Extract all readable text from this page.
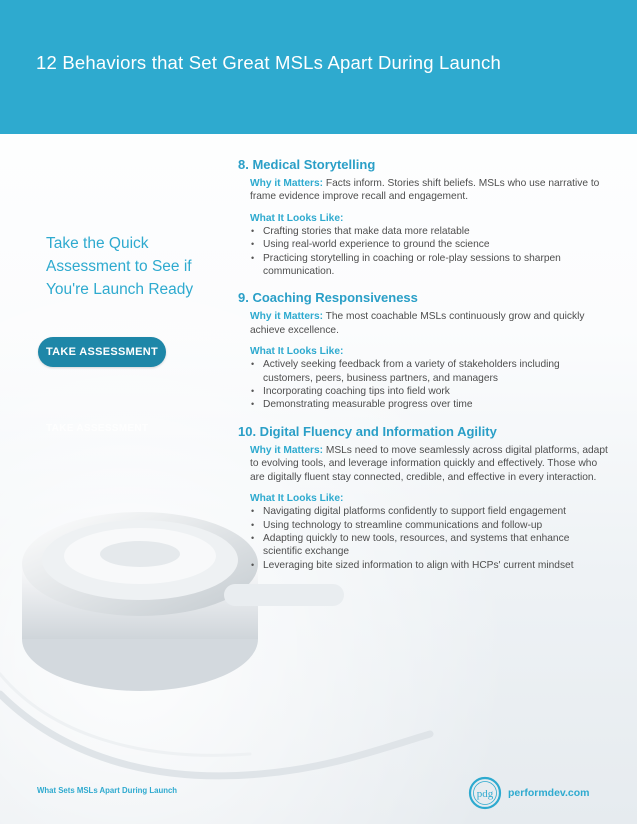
12 Behaviors that Set Great MSLs Apart During Launch
Take the Quick Assessment to See if You're Launch Ready
TAKE ASSESSMENT
TAKE ASSESSMENT
8. Medical Storytelling

Why it Matters: Facts inform. Stories shift beliefs. MSLs who use narrative to frame evidence improve recall and engagement.

What It Looks Like:
• Crafting stories that make data more relatable
• Using real-world experience to ground the science
• Practicing storytelling in coaching or role-play sessions to sharpen communication.
9. Coaching Responsiveness

Why it Matters: The most coachable MSLs continuously grow and quickly achieve excellence.

What It Looks Like:
• Actively seeking feedback from a variety of stakeholders including customers, peers, business partners, and managers
• Incorporating coaching tips into field work
• Demonstrating measurable progress over time
10. Digital Fluency and Information Agility

Why it Matters: MSLs need to move seamlessly across digital platforms, adapt to evolving tools, and leverage information quickly and effectively. Those who are digitally fluent stay connected, credible, and effective in every interaction.

What It Looks Like:
• Navigating digital platforms confidently to support field engagement
• Using technology to streamline communications and follow-up
• Adapting quickly to new tools, resources, and systems that enhance scientific exchange
• Leveraging bite sized information to align with HCPs' current mindset
What Sets MSLs Apart During Launch	pdg performdev.com
